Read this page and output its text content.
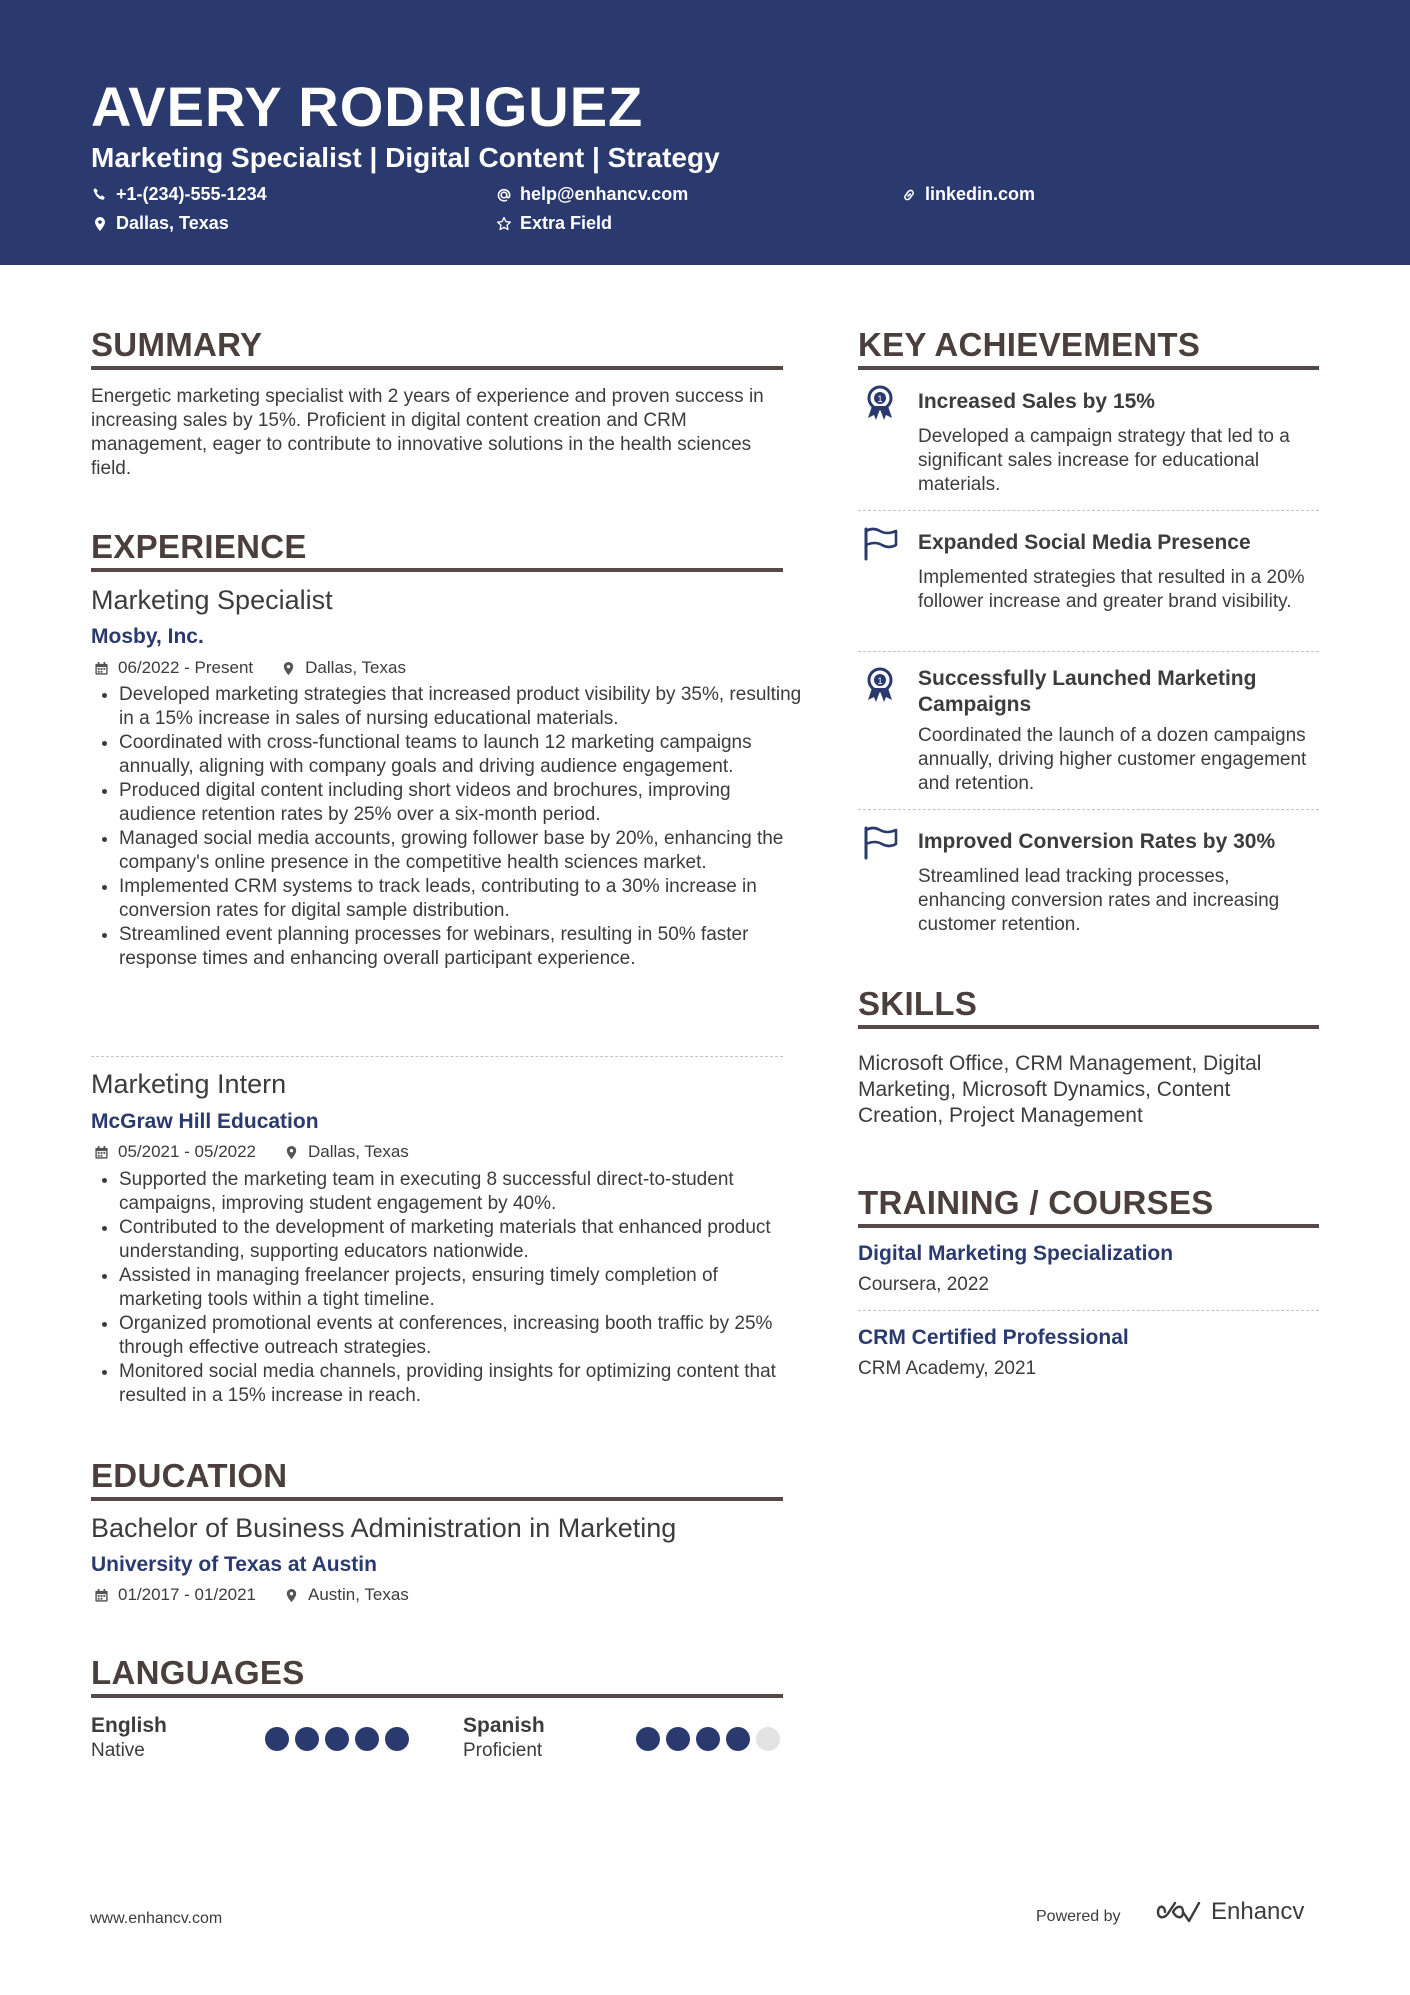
AVERY RODRIGUEZ
Marketing Specialist | Digital Content | Strategy
+1-(234)-555-1234	help@enhancv.com	linkedin.com
Dallas, Texas	Extra Field
SUMMARY
Energetic marketing specialist with 2 years of experience and proven success in increasing sales by 15%. Proficient in digital content creation and CRM management, eager to contribute to innovative solutions in the health sciences field.
EXPERIENCE
Marketing Specialist
Mosby, Inc.
06/2022 - Present	Dallas, Texas
• Developed marketing strategies that increased product visibility by 35%, resulting in a 15% increase in sales of nursing educational materials.
• Coordinated with cross-functional teams to launch 12 marketing campaigns annually, aligning with company goals and driving audience engagement.
• Produced digital content including short videos and brochures, improving audience retention rates by 25% over a six-month period.
• Managed social media accounts, growing follower base by 20%, enhancing the company's online presence in the competitive health sciences market.
• Implemented CRM systems to track leads, contributing to a 30% increase in conversion rates for digital sample distribution.
• Streamlined event planning processes for webinars, resulting in 50% faster response times and enhancing overall participant experience.
Marketing Intern
McGraw Hill Education
05/2021 - 05/2022	Dallas, Texas
• Supported the marketing team in executing 8 successful direct-to-student campaigns, improving student engagement by 40%.
• Contributed to the development of marketing materials that enhanced product understanding, supporting educators nationwide.
• Assisted in managing freelancer projects, ensuring timely completion of marketing tools within a tight timeline.
• Organized promotional events at conferences, increasing booth traffic by 25% through effective outreach strategies.
• Monitored social media channels, providing insights for optimizing content that resulted in a 15% increase in reach.
EDUCATION
Bachelor of Business Administration in Marketing
University of Texas at Austin
01/2017 - 01/2021	Austin, Texas
LANGUAGES
English
Native
Spanish
Proficient
KEY ACHIEVEMENTS
1 Increased Sales by 15%
Developed a campaign strategy that led to a significant sales increase for educational materials.
Expanded Social Media Presence
Implemented strategies that resulted in a 20% follower increase and greater brand visibility.
1 Successfully Launched Marketing Campaigns
Coordinated the launch of a dozen campaigns annually, driving higher customer engagement and retention.
Improved Conversion Rates by 30%
Streamlined lead tracking processes, enhancing conversion rates and increasing customer retention.
SKILLS
Microsoft Office, CRM Management, Digital Marketing, Microsoft Dynamics, Content Creation, Project Management
TRAINING / COURSES
Digital Marketing Specialization
Coursera, 2022
CRM Certified Professional
CRM Academy, 2021
www.enhancv.com	Powered by	Enhancv
